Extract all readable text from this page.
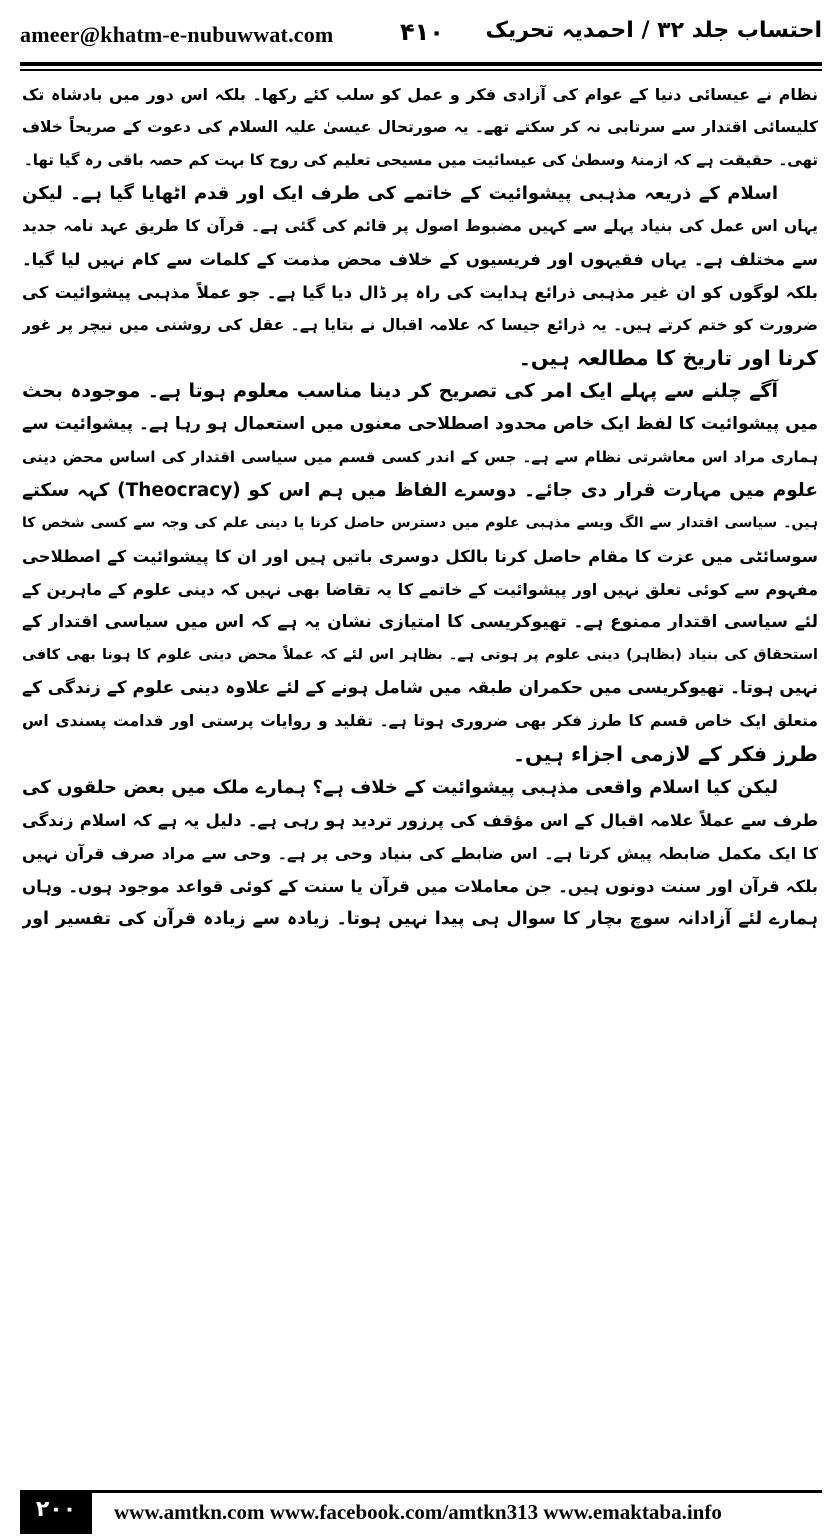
ameer@khatm-e-nubuwwat.com	۴۱۰ احتساب جلد ۳۲ / احمدیہ تحریک
نظام نے عیسائی دنیا کے عوام کی آزادی فکر و عمل کو سلب کئے رکھا۔ بلکہ اس دور میں بادشاہ تک
کلیسائی اقتدار سے سرتابی نہ کر سکتے تھے۔ یہ صورتحال عیسیٰ علیہ السلام کی دعوت کے صریحاً خلاف
تھی۔ حقیقت ہے کہ ازمنۂ وسطیٰ کی عیسائیت میں مسیحی تعلیم کی روح کا بہت کم حصہ باقی رہ گیا تھا۔
اسلام کے ذریعہ مذہبی پیشوائیت کے خاتمے کی طرف ایک اور قدم اٹھایا گیا ہے۔ لیکن
یہاں اس عمل کی بنیاد پہلے سے کہیں مضبوط اصول پر قائم کی گئی ہے۔ قرآن کا طریق عہد نامہ جدید
سے مختلف ہے۔ یہاں فقیہوں اور فریسیوں کے خلاف محض مذمت کے کلمات سے کام نہیں لیا گیا۔
بلکہ لوگوں کو ان غیر مذہبی ذرائع ہدایت کی راہ پر ڈال دیا گیا ہے۔ جو عملاً مذہبی پیشوائیت کی
ضرورت کو ختم کرتے ہیں۔ یہ ذرائع جیسا کہ علامہ اقبال نے بتایا ہے۔ عقل کی روشنی میں نیچر پر غور
کرنا اور تاریخ کا مطالعہ ہیں۔
آگے چلنے سے پہلے ایک امر کی تصریح کر دینا مناسب معلوم ہوتا ہے۔ موجودہ بحث
میں پیشوائیت کا لفظ ایک خاص محدود اصطلاحی معنوں میں استعمال ہو رہا ہے۔ پیشوائیت سے
ہماری مراد اس معاشرتی نظام سے ہے۔ جس کے اندر کسی قسم میں سیاسی اقتدار کی اساس محض دینی
علوم میں مہارت قرار دی جائے۔ دوسرے الفاظ میں ہم اس کو (Theocracy) کہہ سکتے
ہیں۔ سیاسی اقتدار سے الگ ویسے مذہبی علوم میں دسترس حاصل کرنا یا دینی علم کی وجہ سے کسی شخص کا
سوسائٹی میں عزت کا مقام حاصل کرنا بالکل دوسری باتیں ہیں اور ان کا پیشوائیت کے اصطلاحی
مفہوم سے کوئی تعلق نہیں اور پیشوائیت کے خاتمے کا یہ تقاضا بھی نہیں کہ دینی علوم کے ماہرین کے
لئے سیاسی اقتدار ممنوع ہے۔ تھیوکریسی کا امتیازی نشان یہ ہے کہ اس میں سیاسی اقتدار کے
استحقاق کی بنیاد (بظاہر) دینی علوم پر ہوتی ہے۔ بظاہر اس لئے کہ عملاً محض دینی علوم کا ہونا بھی کافی
نہیں ہوتا۔ تھیوکریسی میں حکمران طبقہ میں شامل ہونے کے لئے علاوہ دینی علوم کے زندگی کے
متعلق ایک خاص قسم کا طرز فکر بھی ضروری ہوتا ہے۔ تقلید و روایات پرستی اور قدامت پسندی اس
طرز فکر کے لازمی اجزاء ہیں۔
لیکن کیا اسلام واقعی مذہبی پیشوائیت کے خلاف ہے؟ ہمارے ملک میں بعض حلقوں کی
طرف سے عملاً علامہ اقبال کے اس مؤقف کی پرزور تردید ہو رہی ہے۔ دلیل یہ ہے کہ اسلام زندگی
کا ایک مکمل ضابطہ پیش کرتا ہے۔ اس ضابطے کی بنیاد وحی پر ہے۔ وحی سے مراد صرف قرآن نہیں
بلکہ قرآن اور سنت دونوں ہیں۔ جن معاملات میں قرآن یا سنت کے کوئی قواعد موجود ہوں۔ وہاں
ہمارے لئے آزادانہ سوچ بچار کا سوال ہی پیدا نہیں ہوتا۔ زیادہ سے زیادہ قرآن کی تفسیر اور
۲۰۰	www.amtkn.com www.facebook.com/amtkn313 www.emaktaba.info
